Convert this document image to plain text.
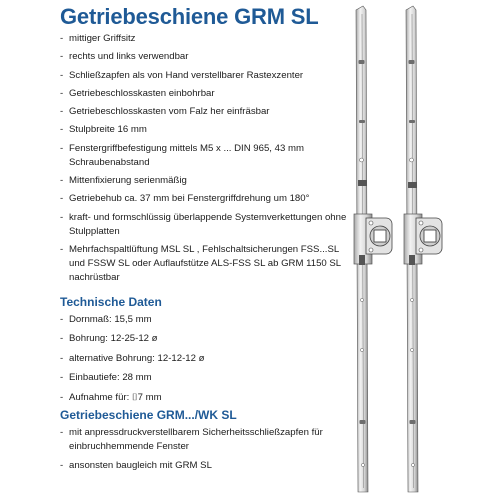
Getriebeschiene GRM SL
- mittiger Griffsitz
- rechts und links verwendbar
- Schließzapfen als von Hand verstellbarer Rastexzenter
- Getriebeschlosskasten einbohrbar
- Getriebeschlosskasten vom Falz her einfräsbar
- Stulpbreite 16 mm
- Fenstergriffbefestigung mittels M5 x ... DIN 965, 43 mm Schraubenabstand
- Mittenfixierung serienmäßig
- Getriebehub ca. 37 mm bei Fenstergriffdrehung um 180°
- kraft- und formschlüssig überlappende Systemverkettungen ohne Stulpplatten
- Mehrfachspaltlüftung MSL SL , Fehlschaltsicherungen FSS...SL und FSSW SL oder Auflaufstütze ALS-FSS SL ab GRM 1150 SL nachrüstbar
Technische Daten
- Dornmaß: 15,5 mm
- Bohrung: 12-25-12 ø
- alternative Bohrung: 12-12-12 ø
- Einbautiefe: 28 mm
- Aufnahme für: ⌷7 mm
Getriebeschiene GRM.../WK SL
- mit anpressdruckverstellbarem Sicherheitsschließzapfen für einbruchhemmende Fenster
- ansonsten baugleich mit GRM SL
